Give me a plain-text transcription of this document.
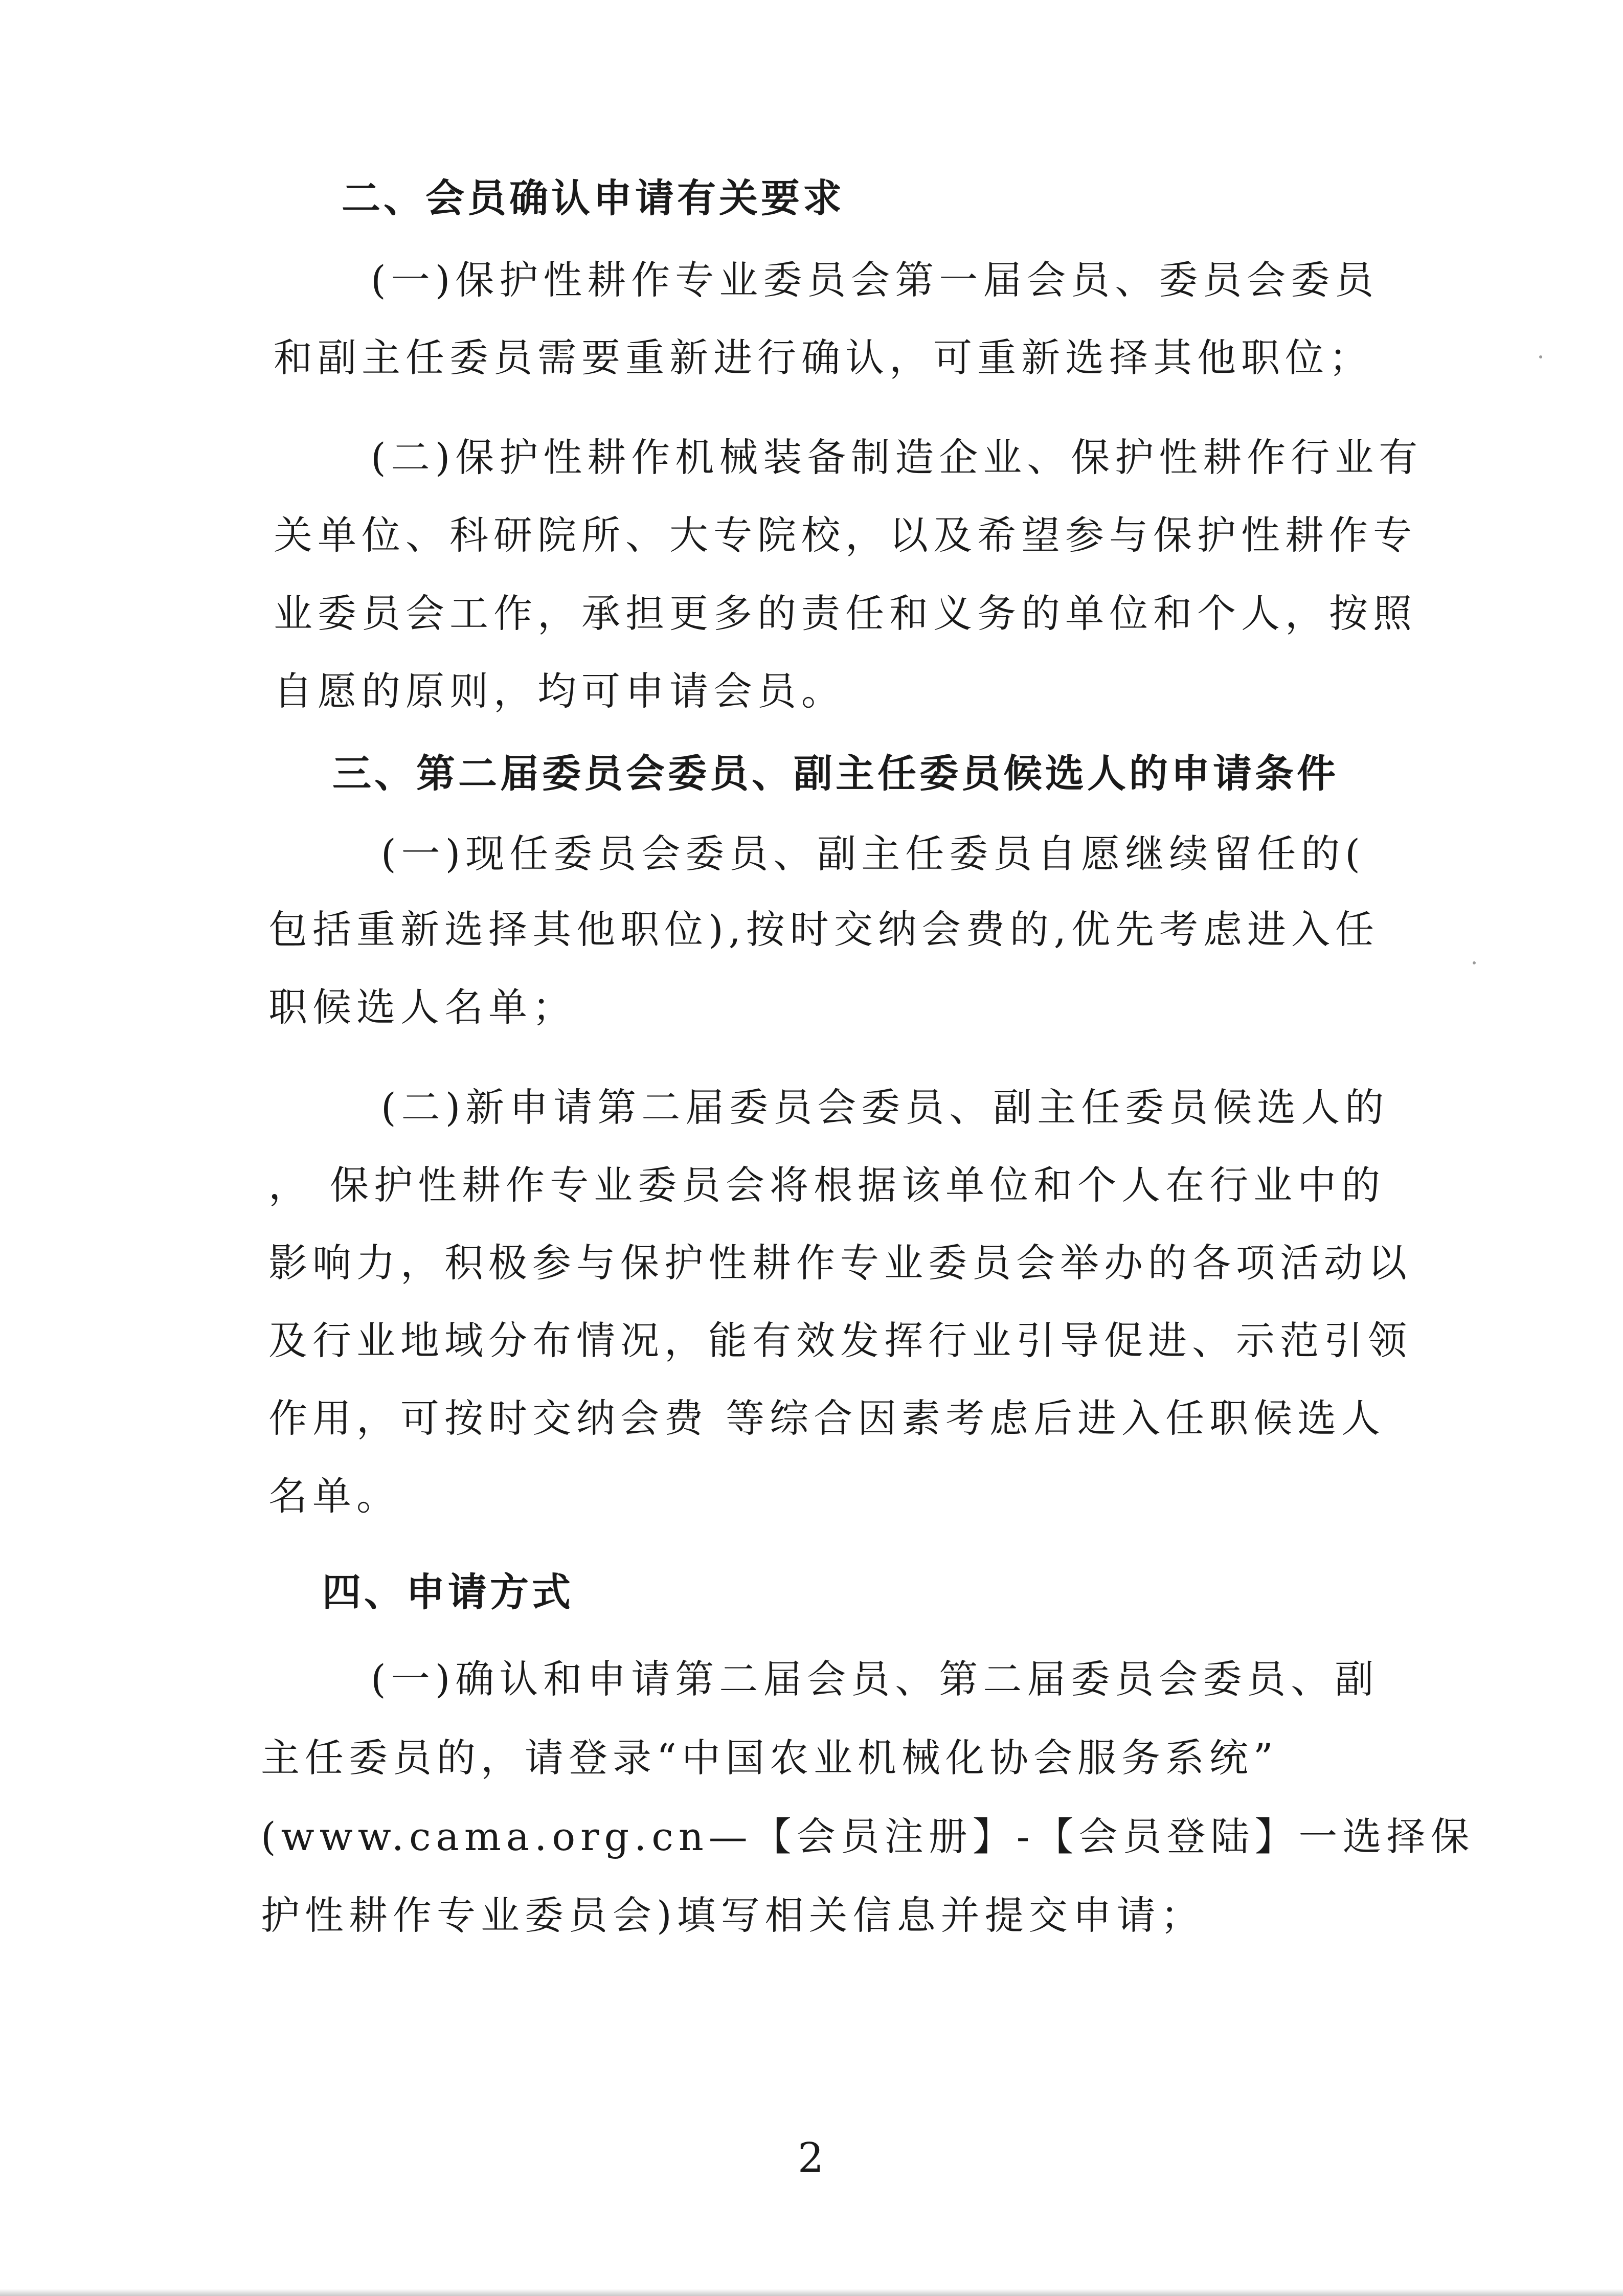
二、会员确认申请有关要求
(一)保护性耕作专业委员会第一届会员、委员会委员
和副主任委员需要重新进行确认，可重新选择其他职位；
(二)保护性耕作机械装备制造企业、保护性耕作行业有
关单位、科研院所、大专院校，以及希望参与保护性耕作专
业委员会工作，承担更多的责任和义务的单位和个人，按照
自愿的原则，均可申请会员。
三、第二届委员会委员、副主任委员候选人的申请条件
(一)现任委员会委员、副主任委员自愿继续留任的(
包括重新选择其他职位),按时交纳会费的,优先考虑进入任
职候选人名单；
(二)新申请第二届委员会委员、副主任委员候选人的
， 保护性耕作专业委员会将根据该单位和个人在行业中的
影响力，积极参与保护性耕作专业委员会举办的各项活动以
及行业地域分布情况，能有效发挥行业引导促进、示范引领
作用，可按时交纳会费 等综合因素考虑后进入任职候选人
名单。
四、申请方式
(一)确认和申请第二届会员、第二届委员会委员、副
主任委员的，请登录“中国农业机械化协会服务系统”
(www.cama.org.cn—【会员注册】-【会员登陆】一选择保
护性耕作专业委员会)填写相关信息并提交申请；
2
